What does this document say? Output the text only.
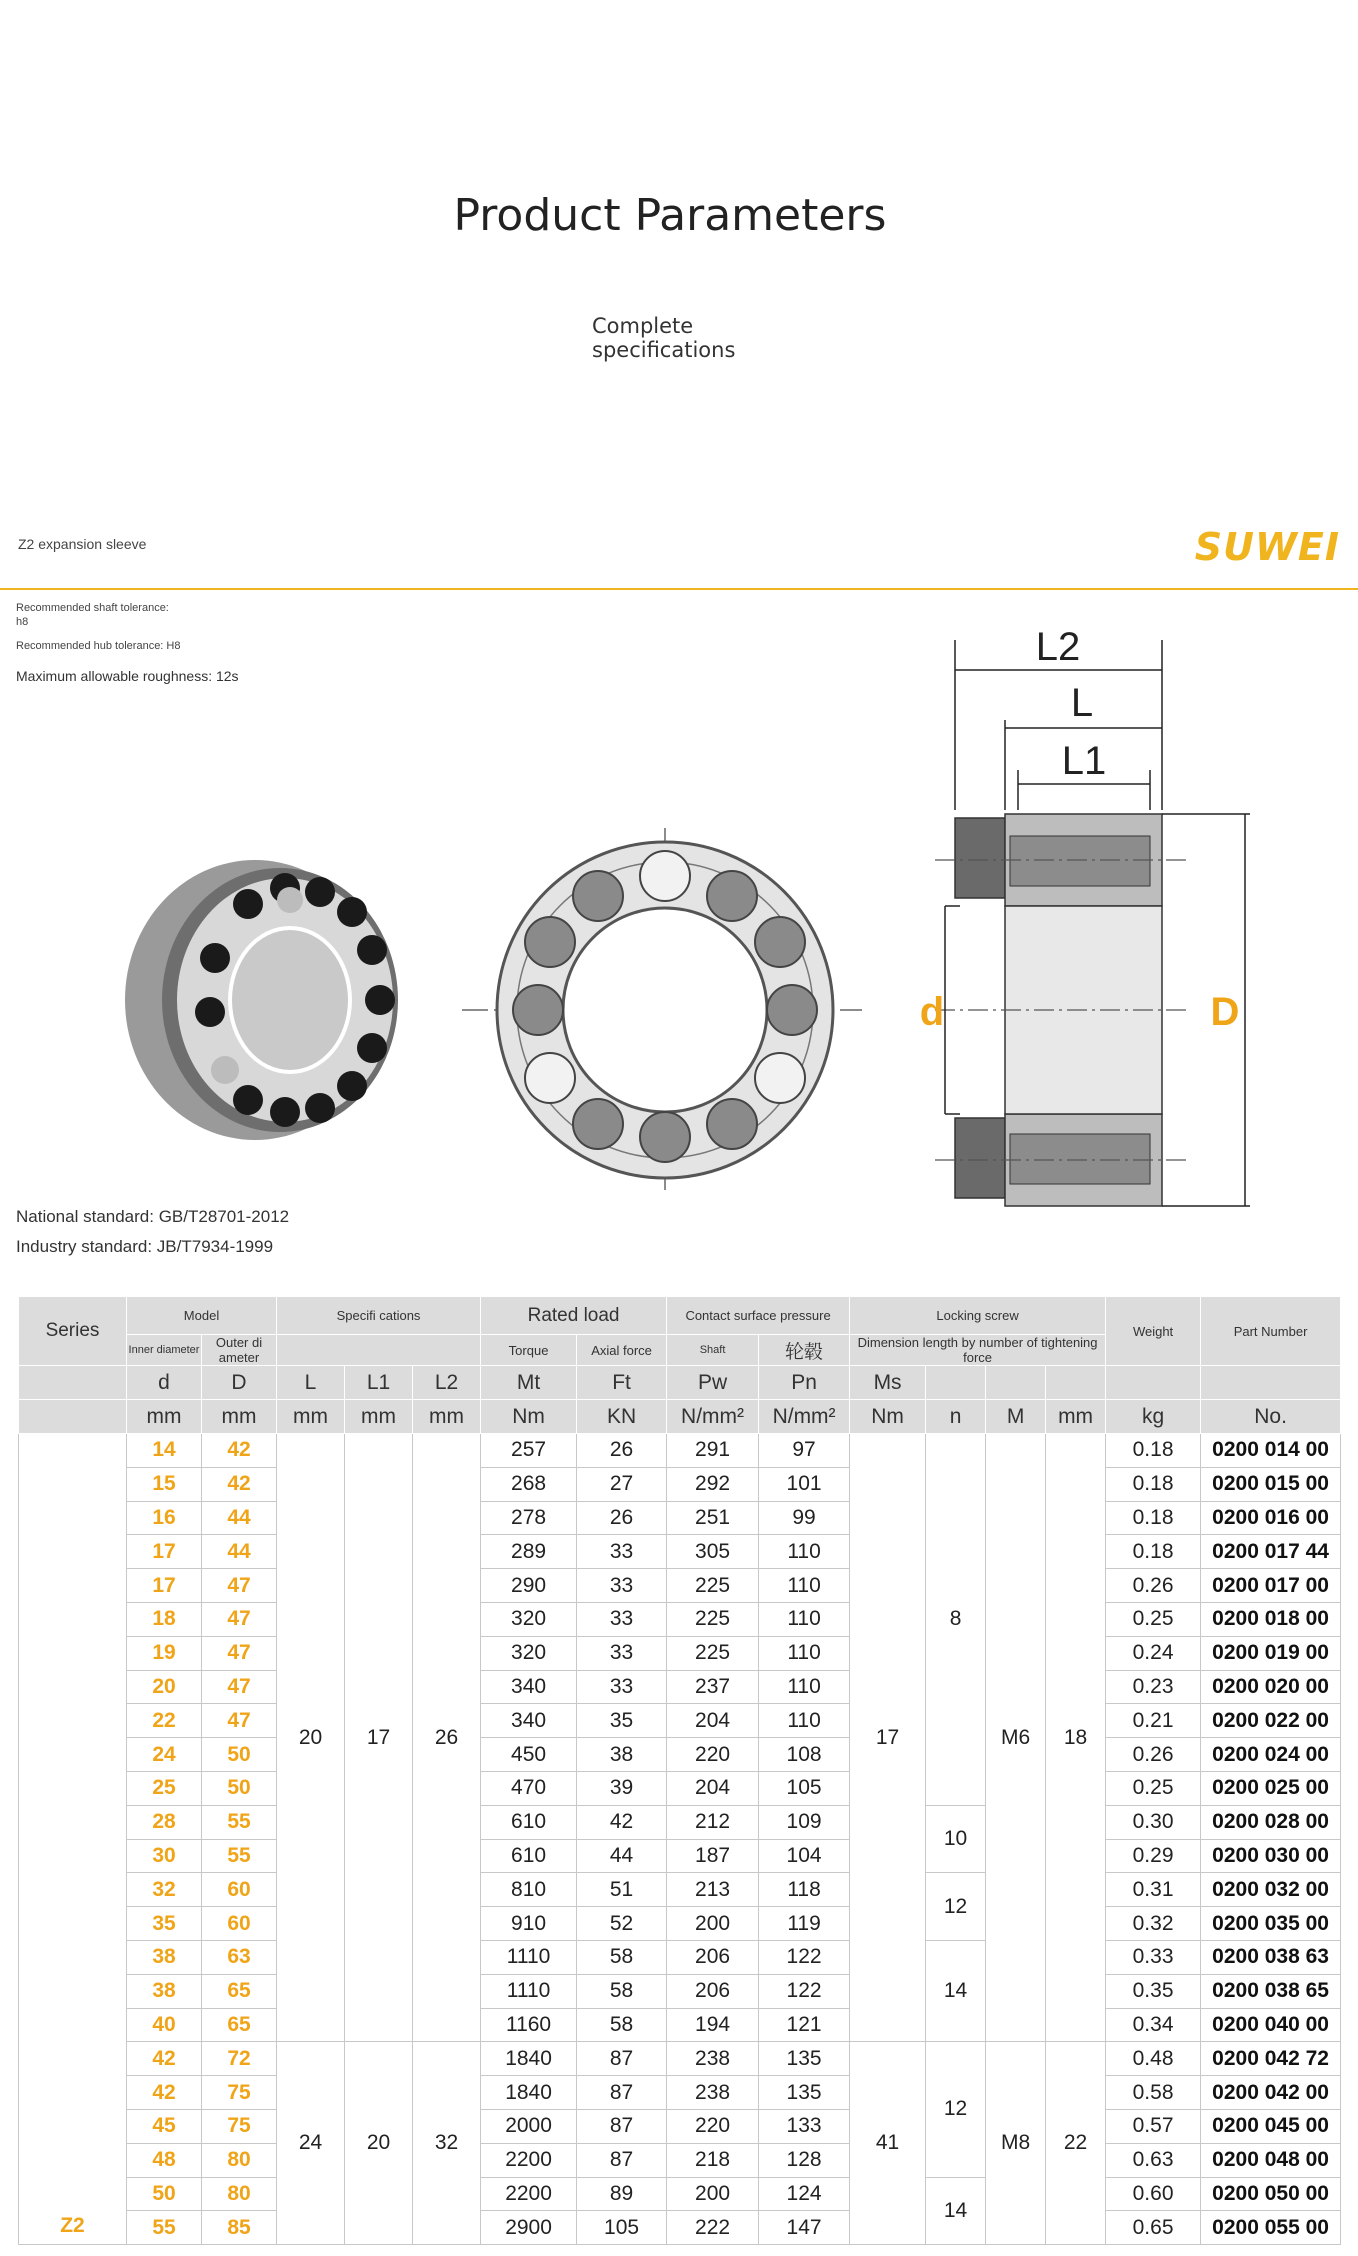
Product Parameters
Complete specifications
Z2 expansion sleeve	SUWEI
Recommended shaft tolerance:
h8
Recommended hub tolerance: H8
Maximum allowable roughness: 12s
L2
L
L1
d	D
National standard: GB/T28701-2012
Industry standard: JB/T7934-1999
Series	Model		Specifi cations			Rated load		Contact surface pressure		Locking screw				Weight	Part Number
	Inner diameter	Outer di ameter				Torque	Axial force	Shaft	轮毂	Dimension length by number of tightening force					
	d	D	L	L1	L2	Mt	Ft	Pw	Pn	Ms					
	mm	mm	mm	mm	mm	Nm	KN	N/mm²	N/mm²	Nm	n	M	mm	kg	No.
Z2	14	42	20	17	26	257	26	291	97	17	8	M6	18	0.18	0200 014 00
	15	42				268	27	292	101					0.18	0200 015 00
	16	44				278	26	251	99					0.18	0200 016 00
	17	44				289	33	305	110					0.18	0200 017 44
	17	47				290	33	225	110					0.26	0200 017 00
	18	47				320	33	225	110					0.25	0200 018 00
	19	47				320	33	225	110					0.24	0200 019 00
	20	47				340	33	237	110					0.23	0200 020 00
	22	47				340	35	204	110					0.21	0200 022 00
	24	50				450	38	220	108					0.26	0200 024 00
	25	50				470	39	204	105					0.25	0200 025 00
	28	55				610	42	212	109		10			0.30	0200 028 00
	30	55				610	44	187	104					0.29	0200 030 00
	32	60				810	51	213	118		12			0.31	0200 032 00
	35	60				910	52	200	119					0.32	0200 035 00
	38	63				1110	58	206	122		14			0.33	0200 038 63
	38	65				1110	58	206	122					0.35	0200 038 65
	40	65				1160	58	194	121					0.34	0200 040 00
	42	72	24	20	32	1840	87	238	135	41	12	M8	22	0.48	0200 042 72
	42	75				1840	87	238	135					0.58	0200 042 00
	45	75				2000	87	220	133					0.57	0200 045 00
	48	80				2200	87	218	128					0.63	0200 048 00
	50	80				2200	89	200	124		14			0.60	0200 050 00
	55	85				2900	105	222	147					0.65	0200 055 00
